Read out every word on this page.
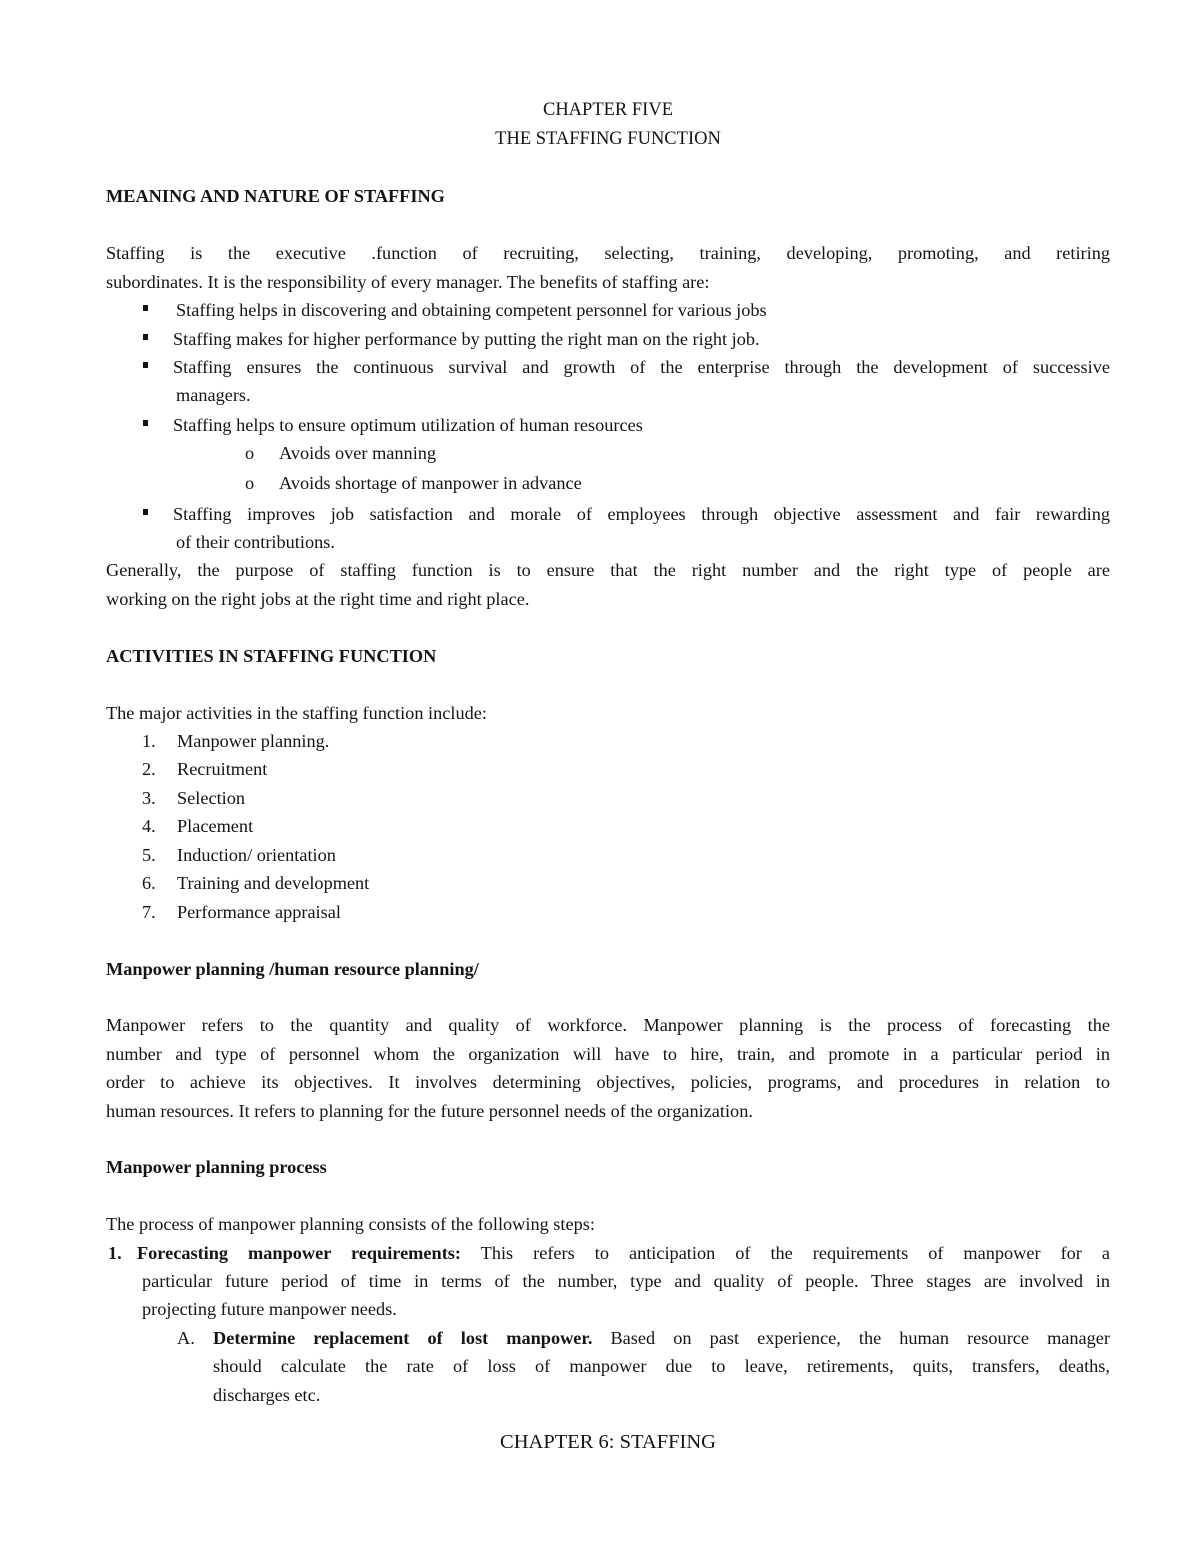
CHAPTER FIVE
THE STAFFING FUNCTION
MEANING AND NATURE OF STAFFING
Staffing is the executive .function of recruiting, selecting, training, developing, promoting, and retiring
subordinates. It is the responsibility of every manager. The benefits of staffing are:
Staffing helps in discovering and obtaining competent personnel for various jobs
Staffing makes for higher performance by putting the right man on the right job.
Staffing ensures the continuous survival and growth of the enterprise through the development of successive
managers.
Staffing helps to ensure optimum utilization of human resources
o Avoids over manning
o Avoids shortage of manpower in advance
Staffing improves job satisfaction and morale of employees through objective assessment and fair rewarding
of their contributions.
Generally, the purpose of staffing function is to ensure that the right number and the right type of people are
working on the right jobs at the right time and right place.
ACTIVITIES IN STAFFING FUNCTION
The major activities in the staffing function include:
1. Manpower planning.
2. Recruitment
3. Selection
4. Placement
5. Induction/ orientation
6. Training and development
7. Performance appraisal
Manpower planning /human resource planning/
Manpower refers to the quantity and quality of workforce. Manpower planning is the process of forecasting the
number and type of personnel whom the organization will have to hire, train, and promote in a particular period in
order to achieve its objectives. It involves determining objectives, policies, programs, and procedures in relation to
human resources. It refers to planning for the future personnel needs of the organization.
Manpower planning process
The process of manpower planning consists of the following steps:
1. Forecasting manpower requirements: This refers to anticipation of the requirements of manpower for a
particular future period of time in terms of the number, type and quality of people. Three stages are involved in
projecting future manpower needs.
A. Determine replacement of lost manpower. Based on past experience, the human resource manager
should calculate the rate of loss of manpower due to leave, retirements, quits, transfers, deaths,
discharges etc.
CHAPTER 6: STAFFING
